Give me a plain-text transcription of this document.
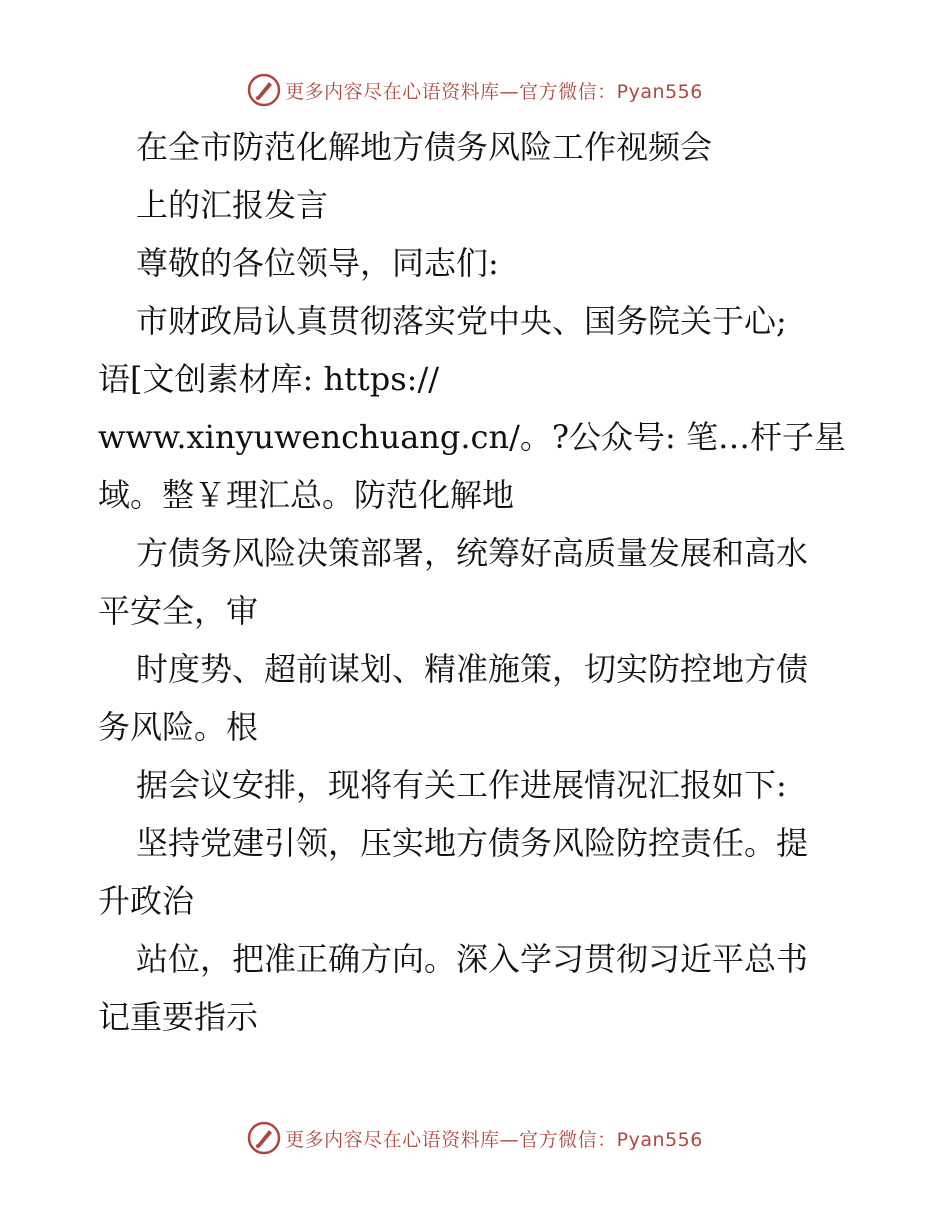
更多内容尽在心语资料库—官方微信：Pyan556
在全市防范化解地方债务风险工作视频会
上的汇报发言
尊敬的各位领导，同志们:
市财政局认真贯彻落实党中央、国务院关于心;
语[文创素材库: https://
www.xinyuwenchuang.cn/。?公众号: 笔…杆子星
域。整￥理汇总。防范化解地
方债务风险决策部署，统筹好高质量发展和高水
平安全，审
时度势、超前谋划、精准施策，切实防控地方债
务风险。根
据会议安排，现将有关工作进展情况汇报如下:
坚持党建引领，压实地方债务风险防控责任。提
升政治
站位，把准正确方向。深入学习贯彻习近平总书
记重要指示
更多内容尽在心语资料库—官方微信：Pyan556
